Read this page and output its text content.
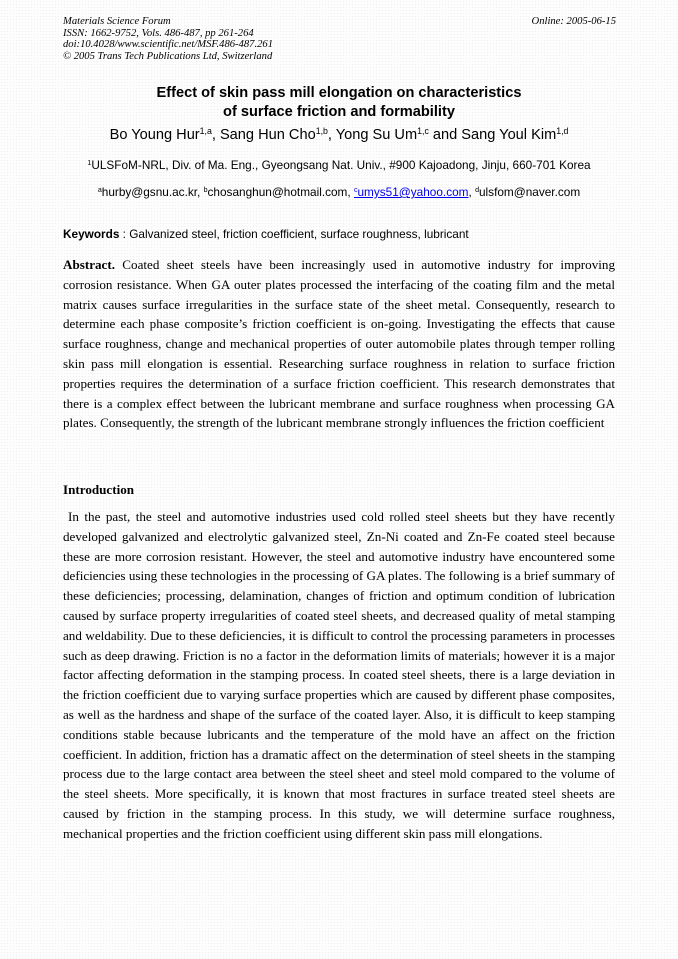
Materials Science Forum
ISSN: 1662-9752, Vols. 486-487, pp 261-264
doi:10.4028/www.scientific.net/MSF.486-487.261
© 2005 Trans Tech Publications Ltd, Switzerland
Online: 2005-06-15
Effect of skin pass mill elongation on characteristics
of surface friction and formability
Bo Young Hur$^{1,a}$, Sang Hun Cho$^{1,b}$, Yong Su Um$^{1,c}$ and Sang Youl Kim$^{1,d}$
$^1$ULSFoM-NRL, Div. of Ma. Eng., Gyeongsang Nat. Univ., #900 Kajoadong, Jinju, 660-701 Korea
$^a$hurby@gsnu.ac.kr, $^b$chosanghun@hotmail.com, $^c$umys51@yahoo.com, $^d$ulsfom@naver.com
Keywords : Galvanized steel, friction coefficient, surface roughness, lubricant
Abstract. Coated sheet steels have been increasingly used in automotive industry for improving corrosion resistance. When GA outer plates processed the interfacing of the coating film and the metal matrix causes surface irregularities in the surface state of the sheet metal. Consequently, research to determine each phase composite’s friction coefficient is on-going. Investigating the effects that cause surface roughness, change and mechanical properties of outer automobile plates through temper rolling skin pass mill elongation is essential. Researching surface roughness in relation to surface friction properties requires the determination of a surface friction coefficient. This research demonstrates that there is a complex effect between the lubricant membrane and surface roughness when processing GA plates. Consequently, the strength of the lubricant membrane strongly influences the friction coefficient
Introduction
In the past, the steel and automotive industries used cold rolled steel sheets but they have recently developed galvanized and electrolytic galvanized steel, Zn-Ni coated and Zn-Fe coated steel because these are more corrosion resistant. However, the steel and automotive industry have encountered some deficiencies using these technologies in the processing of GA plates. The following is a brief summary of these deficiencies; processing, delamination, changes of friction and optimum condition of lubrication caused by surface property irregularities of coated steel sheets, and decreased quality of metal stamping and weldability. Due to these deficiencies, it is difficult to control the processing parameters in processes such as deep drawing. Friction is no a factor in the deformation limits of materials; however it is a major factor affecting deformation in the stamping process. In coated steel sheets, there is a large deviation in the friction coefficient due to varying surface properties which are caused by different phase composites, as well as the hardness and shape of the surface of the coated layer. Also, it is difficult to keep stamping conditions stable because lubricants and the temperature of the mold have an affect on the friction coefficient. In addition, friction has a dramatic affect on the determination of steel sheets in the stamping process due to the large contact area between the steel sheet and steel mold compared to the volume of the steel sheets. More specifically, it is known that most fractures in surface treated steel sheets are caused by friction in the stamping process. In this study, we will determine surface roughness, mechanical properties and the friction coefficient using different skin pass mill elongations.
